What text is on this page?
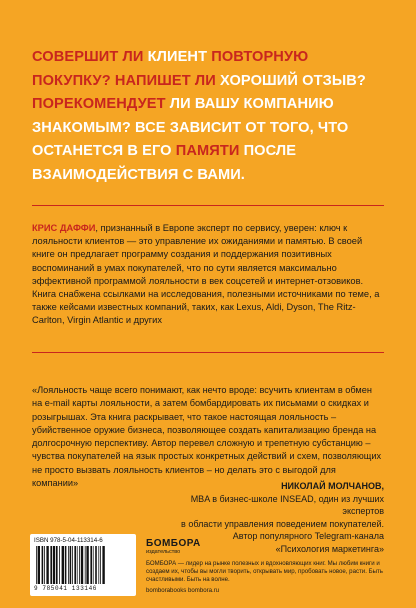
СОВЕРШИТ ЛИ КЛИЕНТ ПОВТОРНУЮ ПОКУПКУ? НАПИШЕТ ЛИ ХОРОШИЙ ОТЗЫВ? ПОРЕКОМЕНДУЕТ ЛИ ВАШУ КОМПАНИЮ ЗНАКОМЫМ? ВСЕ ЗАВИСИТ ОТ ТОГО, ЧТО ОСТАНЕТСЯ В ЕГО ПАМЯТИ ПОСЛЕ ВЗАИМОДЕЙСТВИЯ С ВАМИ.
КРИС ДАФФИ, признанный в Европе эксперт по сервису, уверен: ключ к лояльности клиентов — это управление их ожиданиями и памятью. В своей книге он предлагает программу создания и поддержания позитивных воспоминаний в умах покупателей, что по сути является максимально эффективной программой лояльности в век соцсетей и интернет-отзовиков. Книга снабжена ссылками на исследования, полезными источниками по теме, а также кейсами известных компаний, таких, как Lexus, Aldi, Dyson, The Ritz-Carlton, Virgin Atlantic и других
«Лояльность чаще всего понимают, как нечто вроде: всучить клиентам в обмен на e-mail карты лояльности, а затем бомбардировать их письмами о скидках и розыгрышах. Эта книга раскрывает, что такое настоящая лояльность – убийственное оружие бизнеса, позволяющее создать капитализацию бренда на долгосрочную перспективу. Автор перевел сложную и трепетную субстанцию – чувства покупателей на язык простых конкретных действий и схем, позволяющих не просто вызвать лояльность клиентов – но делать это с выгодой для компании»	НИКОЛАЙ МОЛЧАНОВ,
MBA в бизнес-школе INSEAD, один из лучших экспертов
в области управления поведением покупателей.
Автор популярного Telegram-канала
«Психология маркетинга»
ISBN 978-5-04-113314-6
9 785041 133146
БОМБОРА
издательство
БОМБОРА — лидер на рынке полезных и вдохновляющих книг. Мы любим книги и создаем их, чтобы вы могли творить, открывать мир, пробовать новое, расти. Быть счастливыми. Быть на волне.
bomborabooks bombora.ru
